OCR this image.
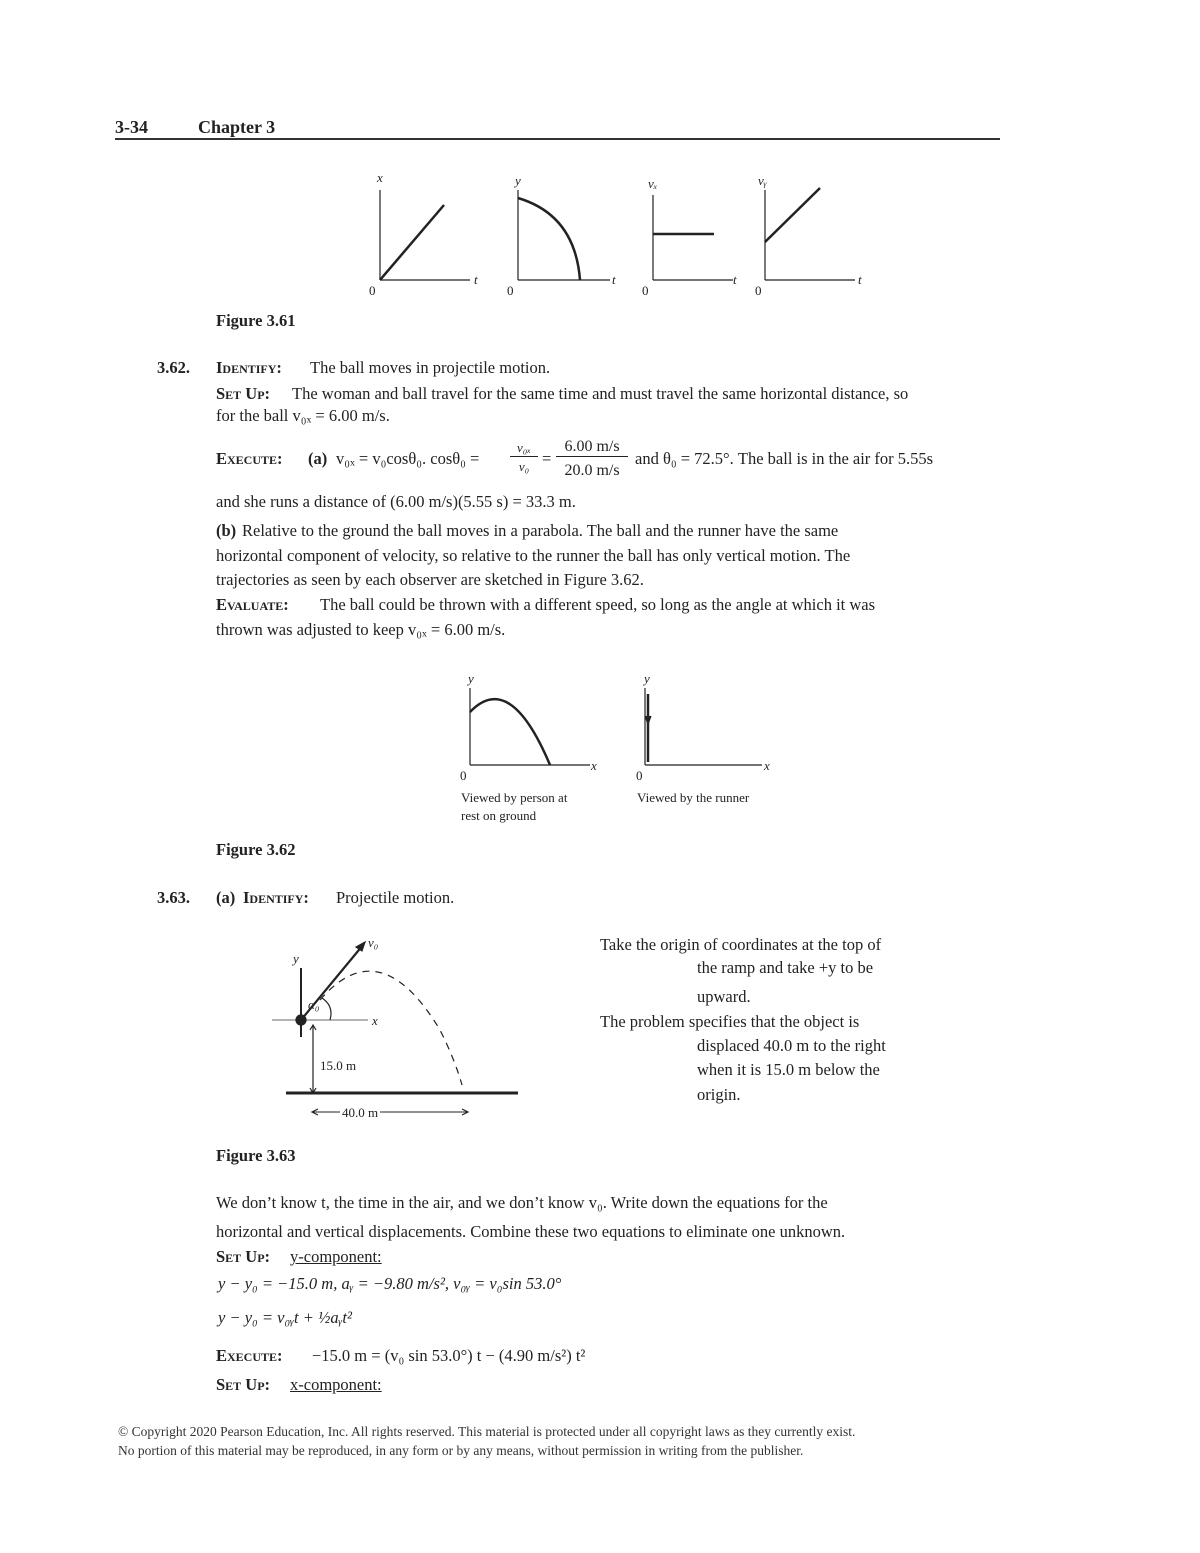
3-34	Chapter 3
x
t
0
y
t
0
vₓ
t
0
vᵧ
t
0
Figure 3.61
3.62. Identify: The ball moves in projectile motion.
Set Up: The woman and ball travel for the same time and must travel the same horizontal distance, so
for the ball v₀ₓ = 6.00 m/s.
Execute: (a) v₀ₓ = v₀cosθ₀. cosθ₀ =
v₀ₓ
v₀ =
6.00 m/s
20.0 m/s
and θ₀ = 72.5°. The ball is in the air for 5.55s
and she runs a distance of (6.00 m/s)(5.55 s) = 33.3 m.
(b) Relative to the ground the ball moves in a parabola. The ball and the runner have the same
horizontal component of velocity, so relative to the runner the ball has only vertical motion. The
trajectories as seen by each observer are sketched in Figure 3.62.
Evaluate: The ball could be thrown with a different speed, so long as the angle at which it was
thrown was adjusted to keep v₀ₓ = 6.00 m/s.
y
x
0
Viewed by person at
rest on ground
y
x
0
Viewed by the runner
Figure 3.62
3.63. (a) Identify: Projectile motion.
v₀
y
x
α₀
15.0 m
40.0 m
Take the origin of coordinates at the top of
the ramp and take +y to be
upward.
The problem specifies that the object is
displaced 40.0 m to the right
when it is 15.0 m below the
origin.
Figure 3.63
We don’t know t, the time in the air, and we don’t know v₀. Write down the equations for the
horizontal and vertical displacements. Combine these two equations to eliminate one unknown.
Set Up: y-component:
y − y₀ = −15.0 m, aᵧ = −9.80 m/s², v₀ᵧ = v₀sin 53.0°
y − y₀ = v₀ᵧt + ½aᵧt²
Execute: −15.0 m = (v₀ sin 53.0°) t − (4.90 m/s²) t²
Set Up: x-component:
© Copyright 2020 Pearson Education, Inc. All rights reserved. This material is protected under all copyright laws as they currently exist.
No portion of this material may be reproduced, in any form or by any means, without permission in writing from the publisher.
